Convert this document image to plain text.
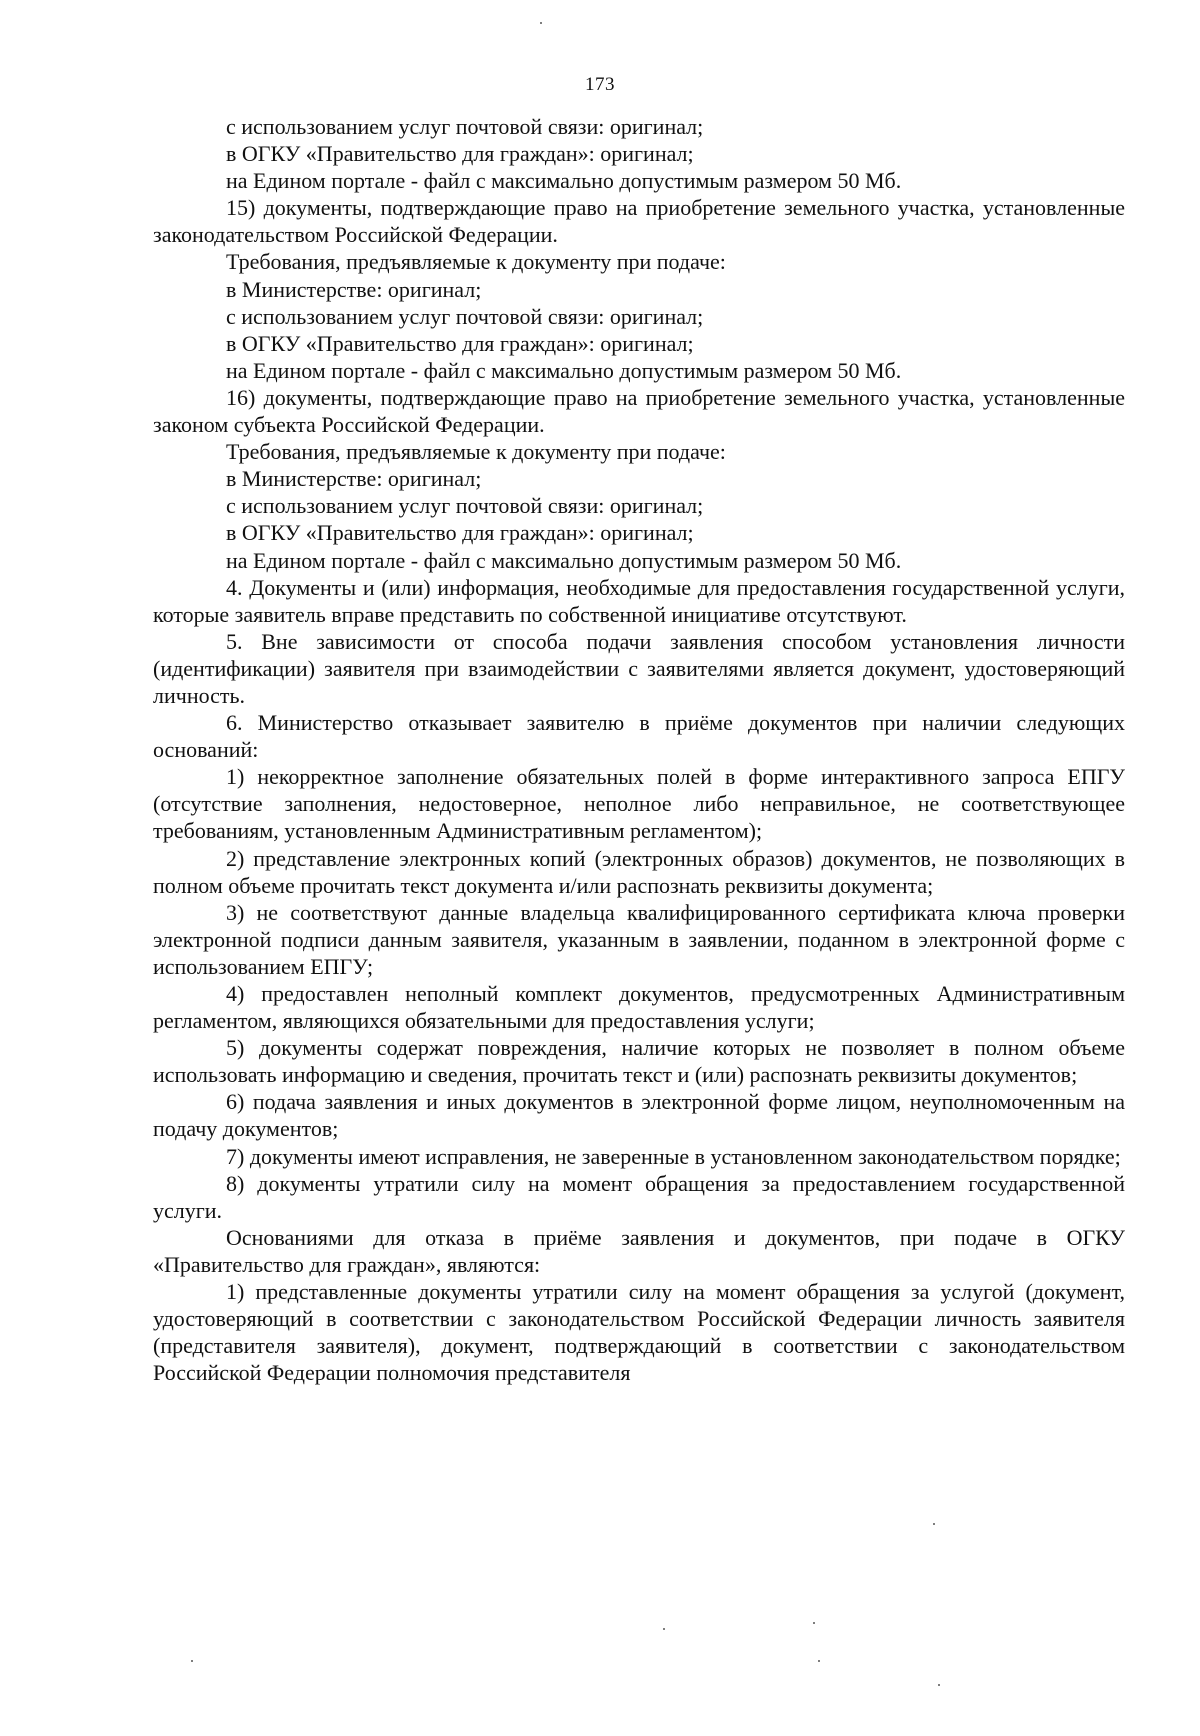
173

с использованием услуг почтовой связи: оригинал;

в ОГКУ «Правительство для граждан»: оригинал;

на Едином портале - файл с максимально допустимым размером 50 Мб.

15) документы, подтверждающие право на приобретение земельного участка, установленные законодательством Российской Федерации.

Требования, предъявляемые к документу при подаче:

в Министерстве: оригинал;

с использованием услуг почтовой связи: оригинал;

в ОГКУ «Правительство для граждан»: оригинал;

на Едином портале - файл с максимально допустимым размером 50 Мб.

16) документы, подтверждающие право на приобретение земельного участка, установленные законом субъекта Российской Федерации.

Требования, предъявляемые к документу при подаче:

в Министерстве: оригинал;

с использованием услуг почтовой связи: оригинал;

в ОГКУ «Правительство для граждан»: оригинал;

на Едином портале - файл с максимально допустимым размером 50 Мб.

4. Документы и (или) информация, необходимые для предоставления государственной услуги, которые заявитель вправе представить по собственной инициативе отсутствуют.

5. Вне зависимости от способа подачи заявления способом установления личности (идентификации) заявителя при взаимодействии с заявителями является документ, удостоверяющий личность.

6. Министерство отказывает заявителю в приёме документов при наличии следующих оснований:

1) некорректное заполнение обязательных полей в форме интерактивного запроса ЕПГУ (отсутствие заполнения, недостоверное, неполное либо неправильное, не соответствующее требованиям, установленным Административным регламентом);

2) представление электронных копий (электронных образов) документов, не позволяющих в полном объеме прочитать текст документа и/или распознать реквизиты документа;

3) не соответствуют данные владельца квалифицированного сертификата ключа проверки электронной подписи данным заявителя, указанным в заявлении, поданном в электронной форме с использованием ЕПГУ;

4) предоставлен неполный комплект документов, предусмотренных Административным регламентом, являющихся обязательными для предоставления услуги;

5) документы содержат повреждения, наличие которых не позволяет в полном объеме использовать информацию и сведения, прочитать текст и (или) распознать реквизиты документов;

6) подача заявления и иных документов в электронной форме лицом, неуполномоченным на подачу документов;

7) документы имеют исправления, не заверенные в установленном законодательством порядке;

8) документы утратили силу на момент обращения за предоставлением государственной услуги.

Основаниями для отказа в приёме заявления и документов, при подаче в ОГКУ «Правительство для граждан», являются:

1) представленные документы утратили силу на момент обращения за услугой (документ, удостоверяющий в соответствии с законодательством Российской Федерации личность заявителя (представителя заявителя), документ, подтверждающий в соответствии с законодательством Российской Федерации полномочия представителя
